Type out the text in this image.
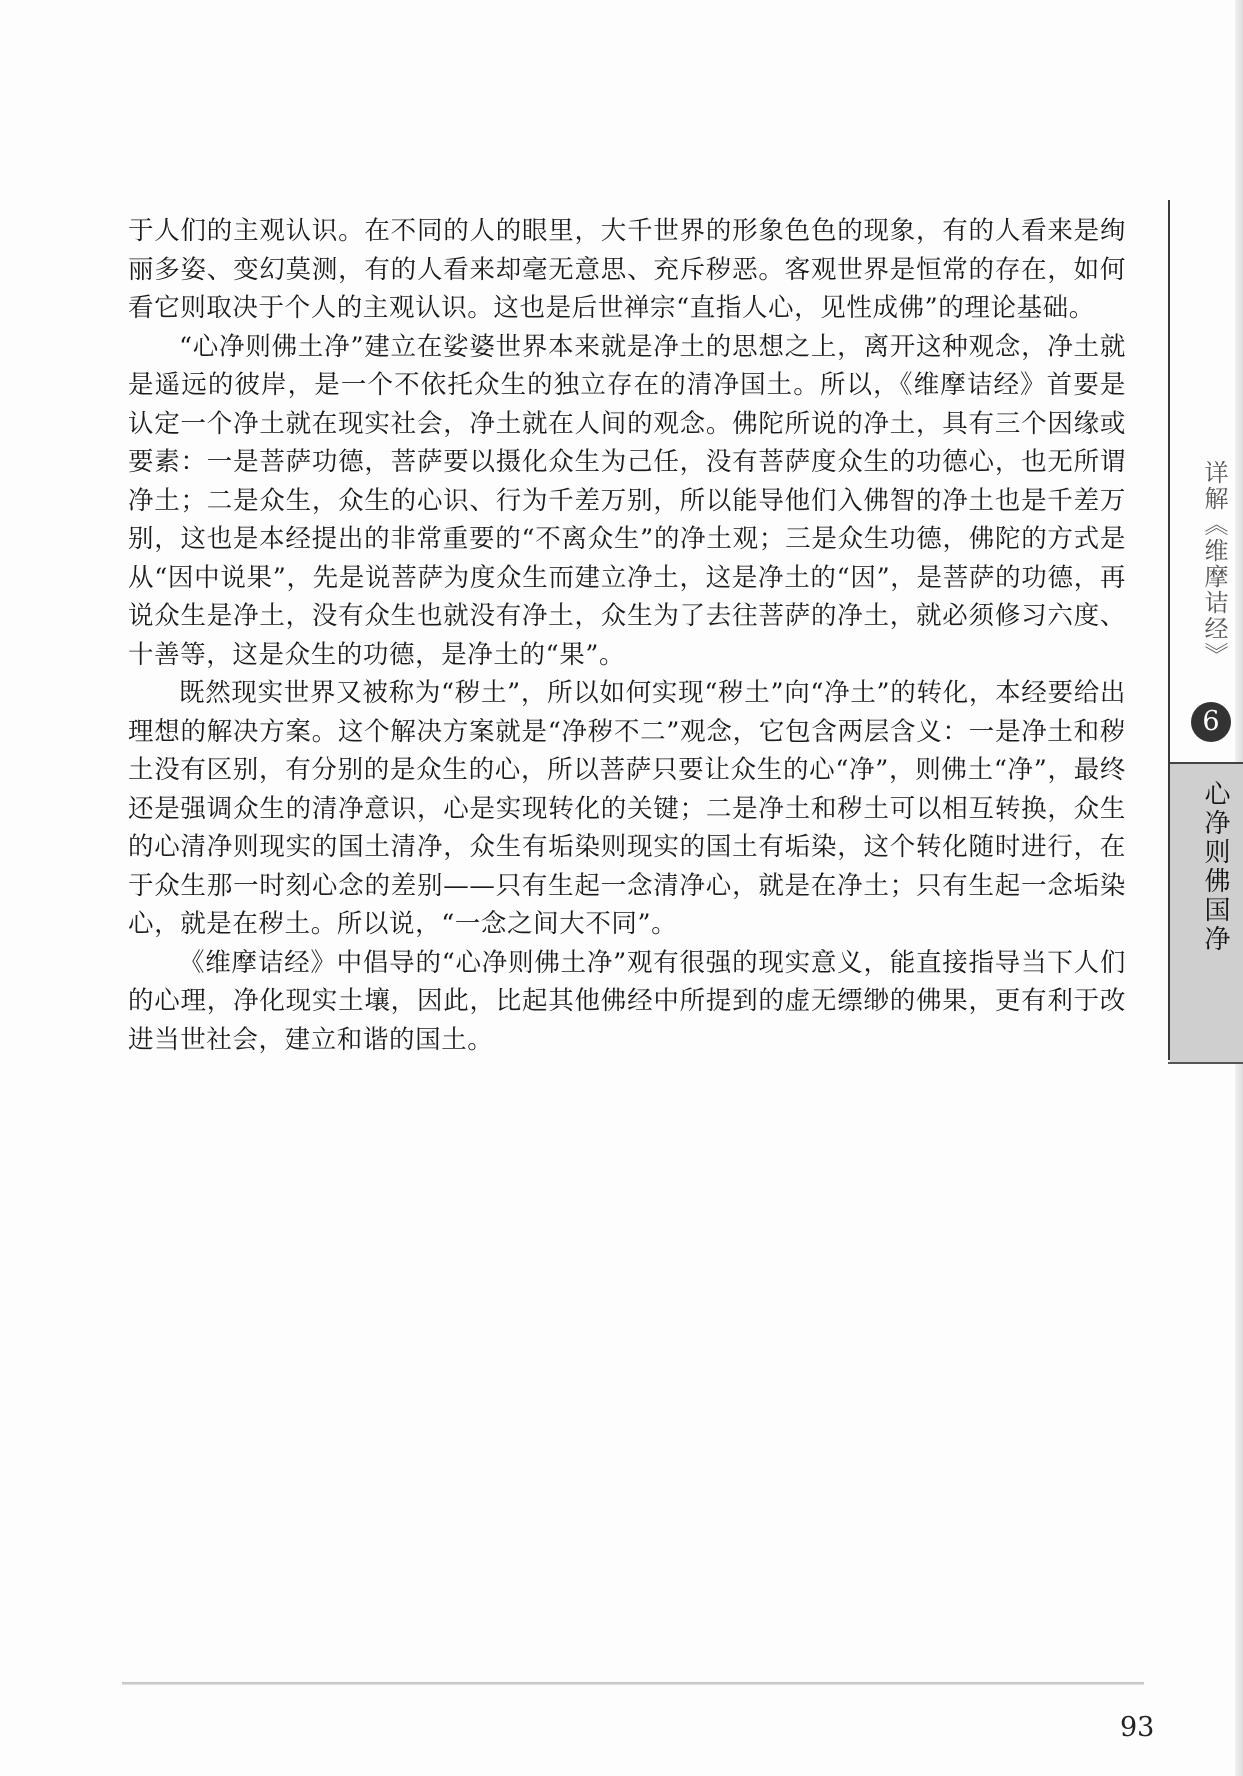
于人们的主观认识。在不同的人的眼里，大千世界的形象色色的现象，有的人看来是绚丽多姿、变幻莫测，有的人看来却毫无意思、充斥秽恶。客观世界是恒常的存在，如何看它则取决于个人的主观认识。这也是后世禅宗“直指人心，见性成佛”的理论基础。

“心净则佛土净”建立在娑婆世界本来就是净土的思想之上，离开这种观念，净土就是遥远的彼岸，是一个不依托众生的独立存在的清净国土。所以，《维摩诘经》首要是认定一个净土就在现实社会，净土就在人间的观念。佛陀所说的净土，具有三个因缘或要素：一是菩萨功德，菩萨要以摄化众生为己任，没有菩萨度众生的功德心，也无所谓净土；二是众生，众生的心识、行为千差万别，所以能导他们入佛智的净土也是千差万别，这也是本经提出的非常重要的“不离众生”的净土观；三是众生功德，佛陀的方式是从“因中说果”，先是说菩萨为度众生而建立净土，这是净土的“因”，是菩萨的功德，再说众生是净土，没有众生也就没有净土，众生为了去往菩萨的净土，就必须修习六度、十善等，这是众生的功德，是净土的“果”。

既然现实世界又被称为“秽土”，所以如何实现“秽土”向“净土”的转化，本经要给出理想的解决方案。这个解决方案就是“净秽不二”观念，它包含两层含义：一是净土和秽土没有区别，有分别的是众生的心，所以菩萨只要让众生的心“净”，则佛土“净”，最终还是强调众生的清净意识，心是实现转化的关键；二是净土和秽土可以相互转换，众生的心清净则现实的国土清净，众生有垢染则现实的国土有垢染，这个转化随时进行，在于众生那一时刻心念的差别——只有生起一念清净心，就是在净土；只有生起一念垢染心，就是在秽土。所以说，“一念之间大不同”。

《维摩诘经》中倡导的“心净则佛土净”观有很强的现实意义，能直接指导当下人们的心理，净化现实土壤，因此，比起其他佛经中所提到的虚无缥缈的佛果，更有利于改进当世社会，建立和谐的国土。

详解《维摩诘经》
6
心净则佛国净
93
